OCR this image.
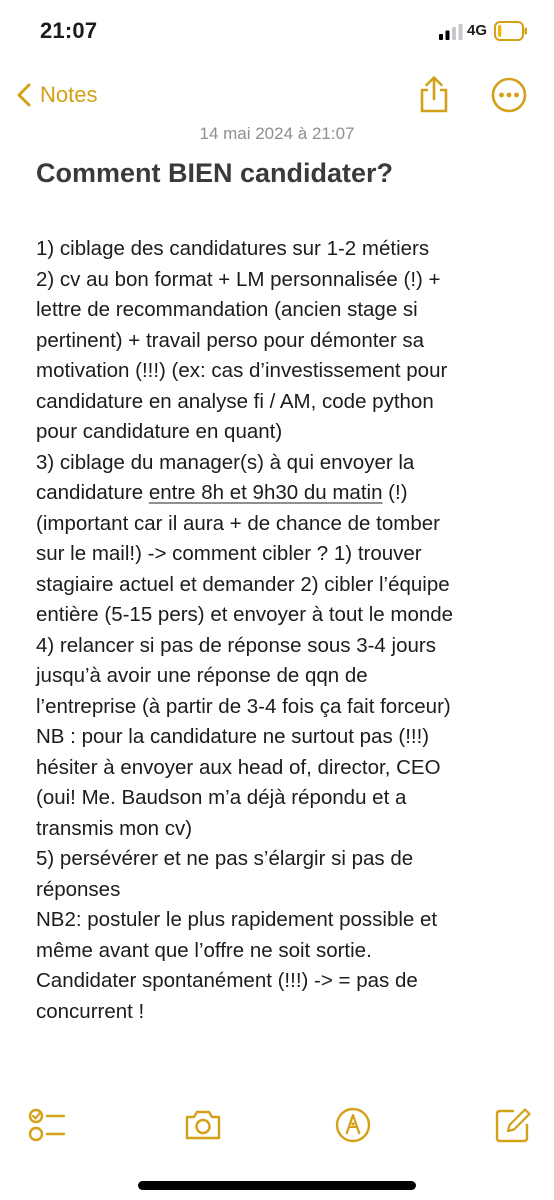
21:07	4G
Notes
14 mai 2024 à 21:07
Comment BIEN candidater?

1) ciblage des candidatures sur 1-2 métiers

2) cv au bon format + LM personnalisée (!) +

lettre de recommandation (ancien stage si

pertinent) + travail perso pour démonter sa

motivation (!!!) (ex: cas d’investissement pour

candidature en analyse fi / AM, code python

pour candidature en quant)

3) ciblage du manager(s) à qui envoyer la

candidature entre 8h et 9h30 du matin (!)

(important car il aura + de chance de tomber

sur le mail!) -> comment cibler ? 1) trouver

stagiaire actuel et demander 2) cibler l’équipe

entière (5-15 pers) et envoyer à tout le monde

4) relancer si pas de réponse sous 3-4 jours

jusqu’à avoir une réponse de qqn de

l’entreprise (à partir de 3-4 fois ça fait forceur)

NB : pour la candidature ne surtout pas (!!!)

hésiter à envoyer aux head of, director, CEO

(oui! Me. Baudson m’a déjà répondu et a

transmis mon cv)

5) persévérer et ne pas s’élargir si pas de

réponses

NB2: postuler le plus rapidement possible et

même avant que l’offre ne soit sortie.

Candidater spontanément (!!!) -> = pas de

concurrent !
